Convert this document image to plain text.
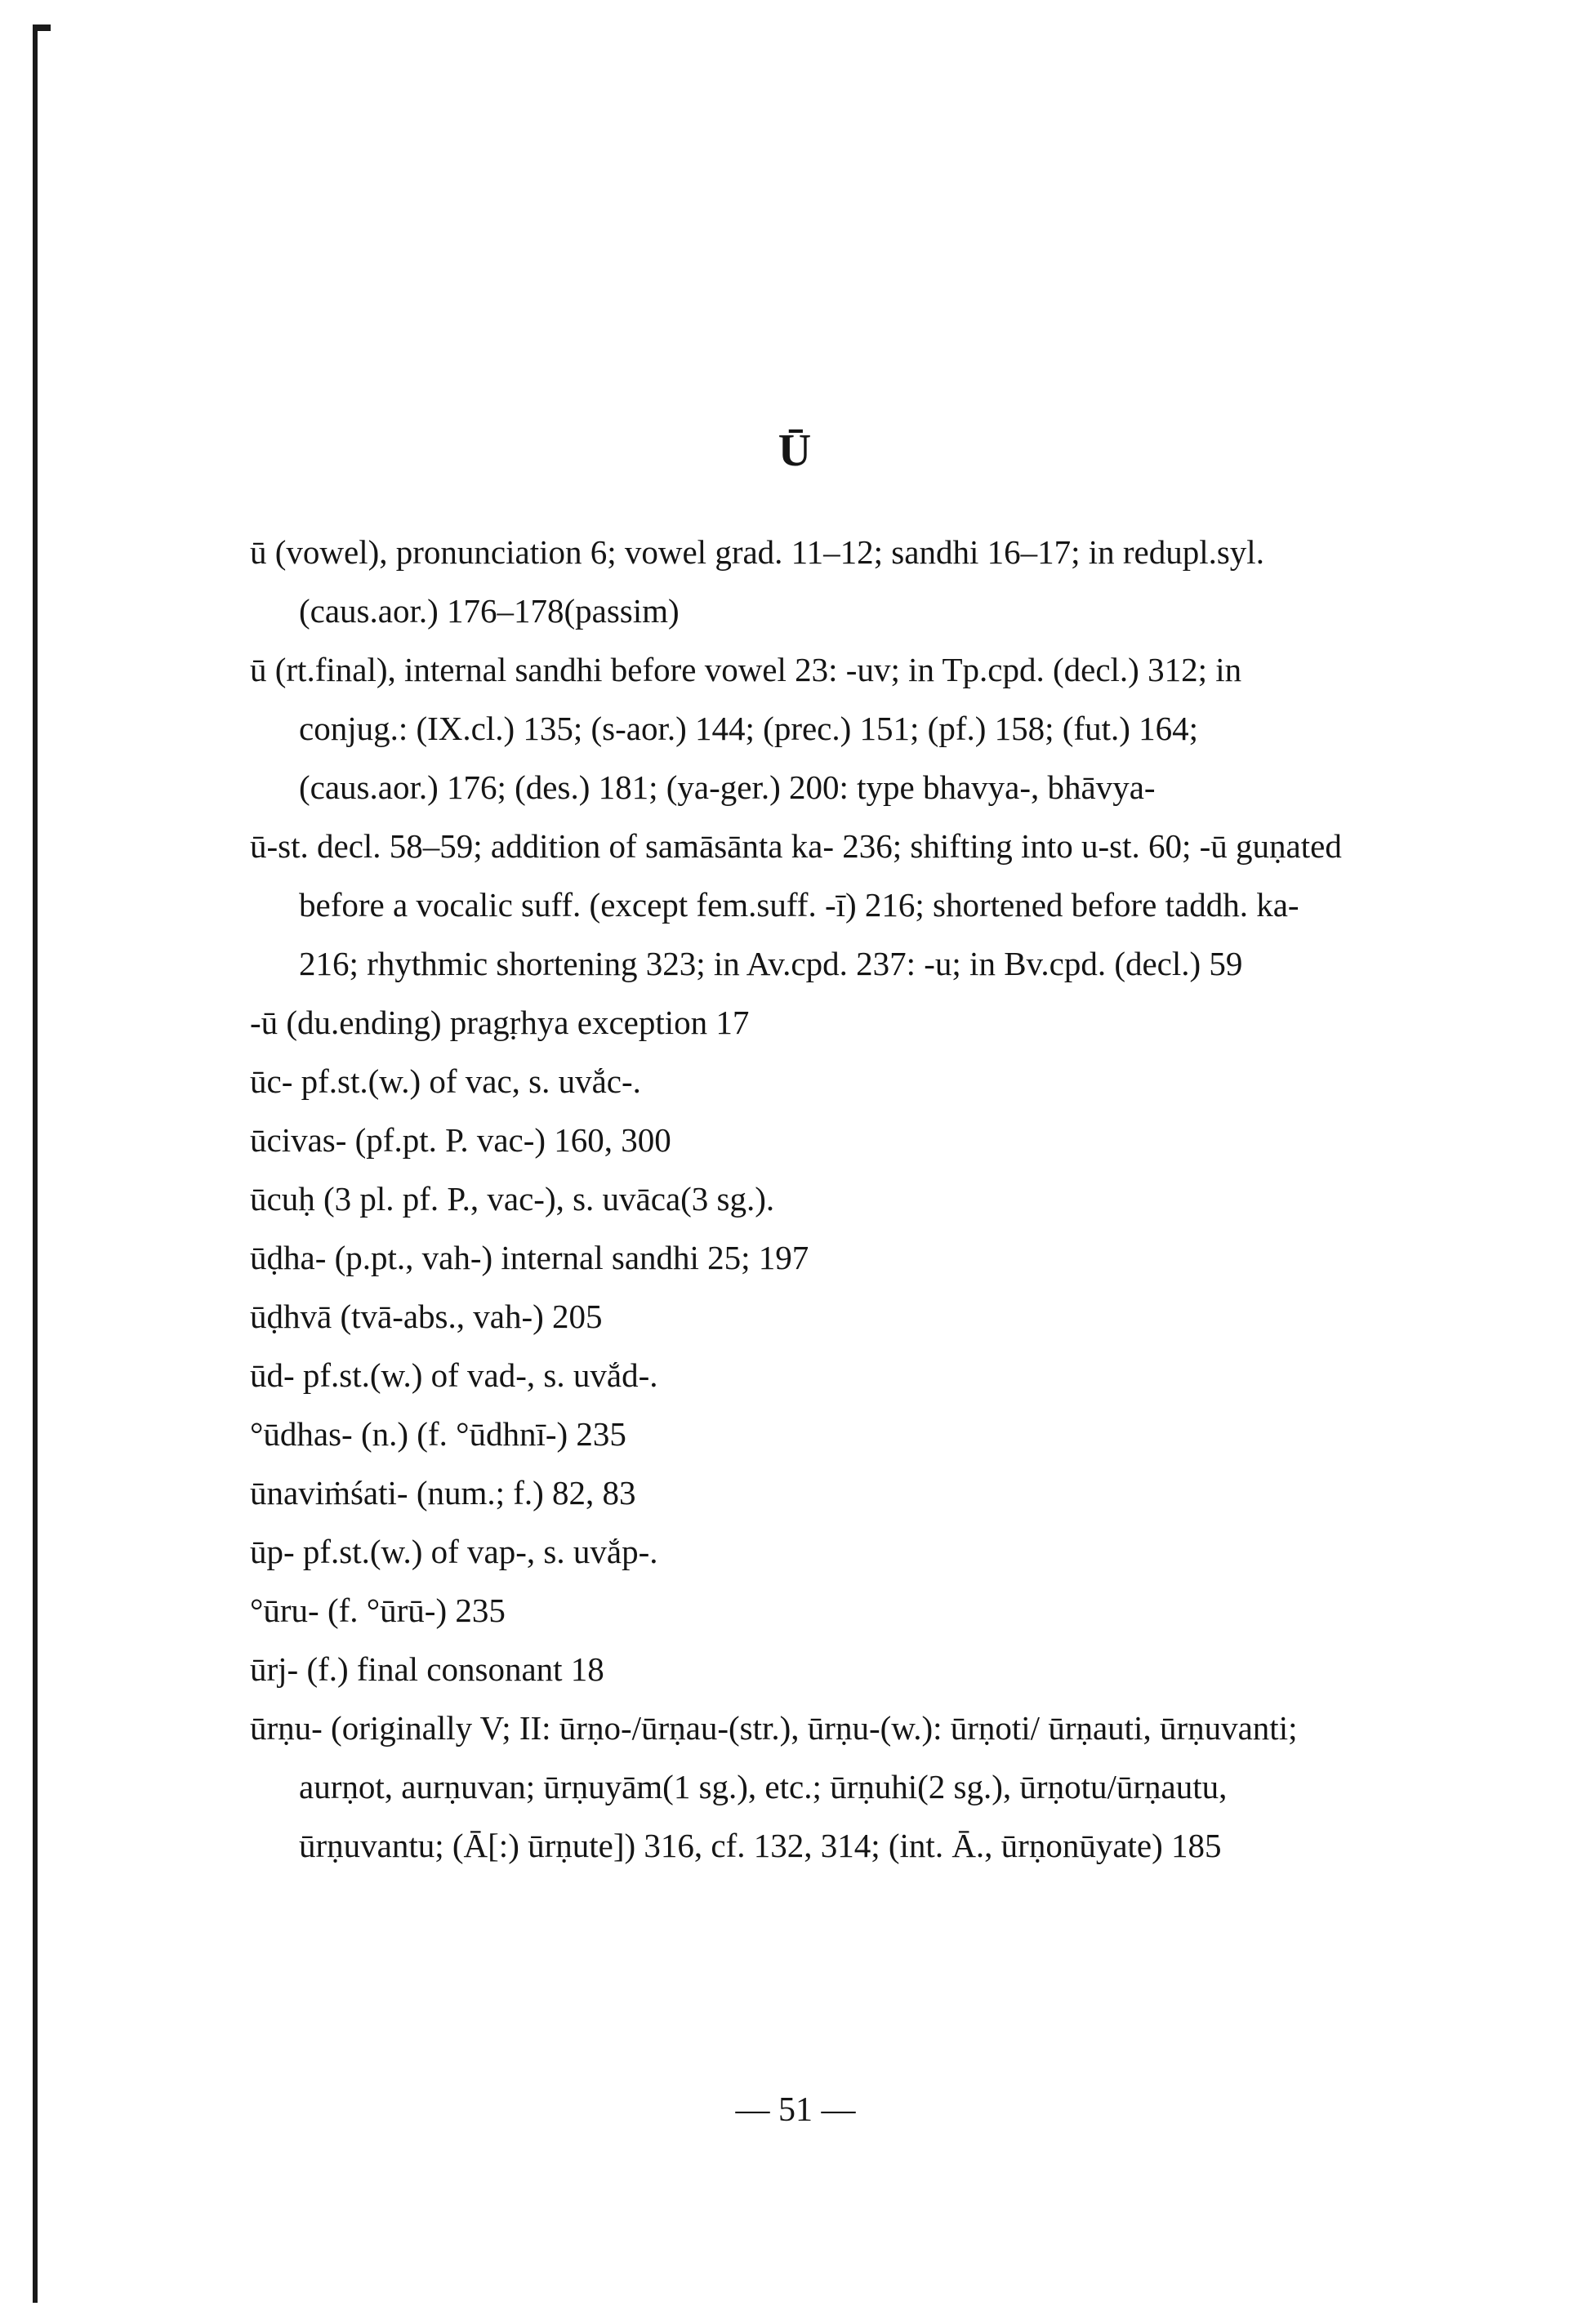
Ū

ū (vowel), pronunciation 6; vowel grad. 11–12; sandhi 16–17; in redupl.syl. (caus.aor.) 176–178(passim)

ū (rt.final), internal sandhi before vowel 23: -uv; in Tp.cpd. (decl.) 312; in conjug.: (IX.cl.) 135; (s-aor.) 144; (prec.) 151; (pf.) 158; (fut.) 164; (caus.aor.) 176; (des.) 181; (ya-ger.) 200: type bhavya-, bhāvya-

ū-st. decl. 58–59; addition of samāsānta ka- 236; shifting into u-st. 60; -ū guṇated before a vocalic suff. (except fem.suff. -ī) 216; shortened before taddh. ka- 216; rhythmic shortening 323; in Av.cpd. 237: -u; in Bv.cpd. (decl.) 59

-ū (du.ending) pragṛhya exception 17

ūc- pf.st.(w.) of vac, s. uvắc-.

ūcivas- (pf.pt. P. vac-) 160, 300

ūcuḥ (3 pl. pf. P., vac-), s. uvāca(3 sg.).

ūḍha- (p.pt., vah-) internal sandhi 25; 197

ūḍhvā (tvā-abs., vah-) 205

ūd- pf.st.(w.) of vad-, s. uvắd-.

°ūdhas- (n.) (f. °ūdhnī-) 235

ūnaviṁśati- (num.; f.) 82, 83

ūp- pf.st.(w.) of vap-, s. uvắp-.

°ūru- (f. °ūrū-) 235

ūrj- (f.) final consonant 18

ūrṇu- (originally V; II: ūrṇo-/ūrṇau-(str.), ūrṇu-(w.): ūrṇoti/ ūrṇauti, ūrṇuvanti; aurṇot, aurṇuvan; ūrṇuyām(1 sg.), etc.; ūrṇuhi(2 sg.), ūrṇotu/ūrṇautu, ūrṇuvantu; (Ā[:) ūrṇute]) 316, cf. 132, 314; (int. Ā., ūrṇonūyate) 185

— 51 —
